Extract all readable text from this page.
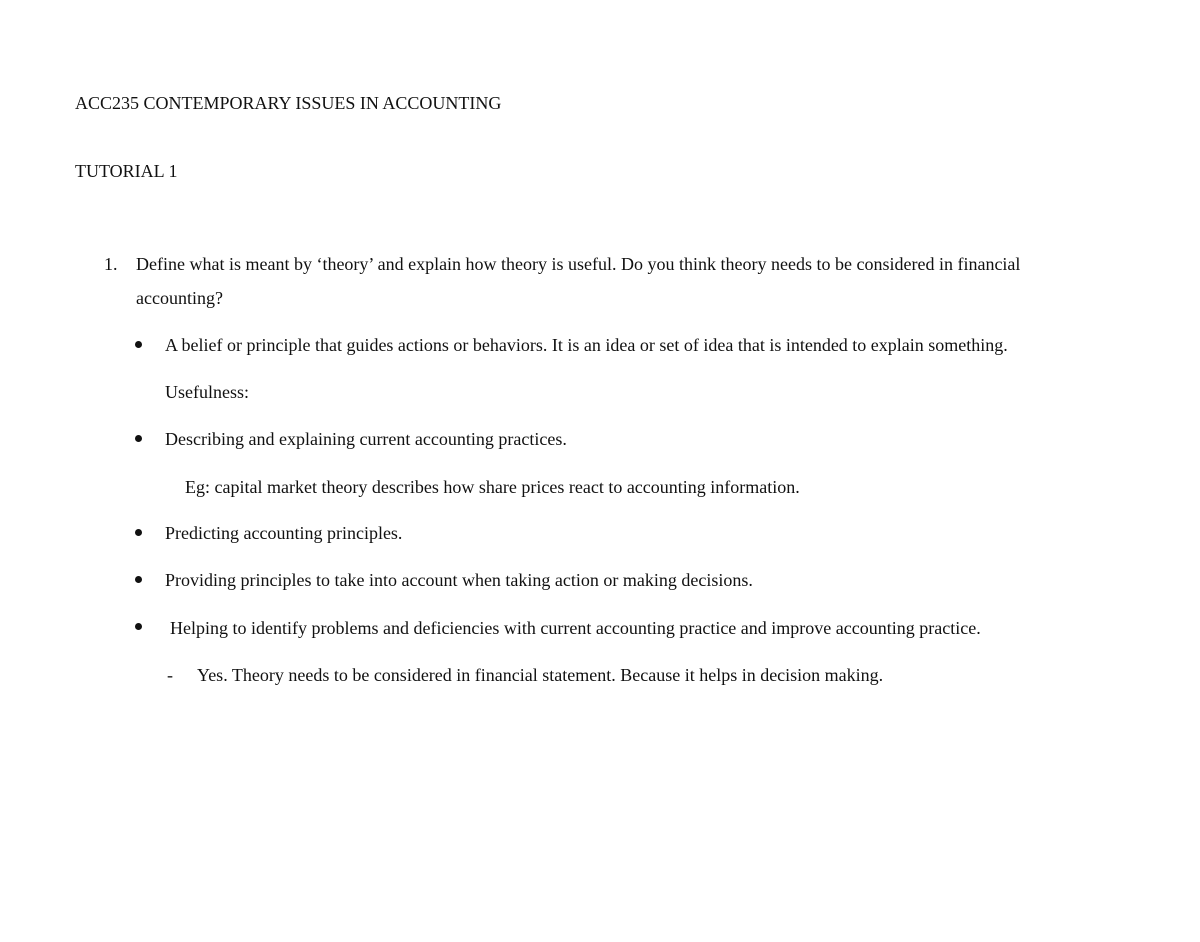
ACC235 CONTEMPORARY ISSUES IN ACCOUNTING
TUTORIAL 1
1. Define what is meant by ‘theory’ and explain how theory is useful. Do you think theory needs to be considered in financial
accounting?
A belief or principle that guides actions or behaviors. It is an idea or set of idea that is intended to explain something.
Usefulness:
Describing and explaining current accounting practices.
Eg: capital market theory describes how share prices react to accounting information.
Predicting accounting principles.
Providing principles to take into account when taking action or making decisions.
Helping to identify problems and deficiencies with current accounting practice and improve accounting practice.
- Yes. Theory needs to be considered in financial statement. Because it helps in decision making.
